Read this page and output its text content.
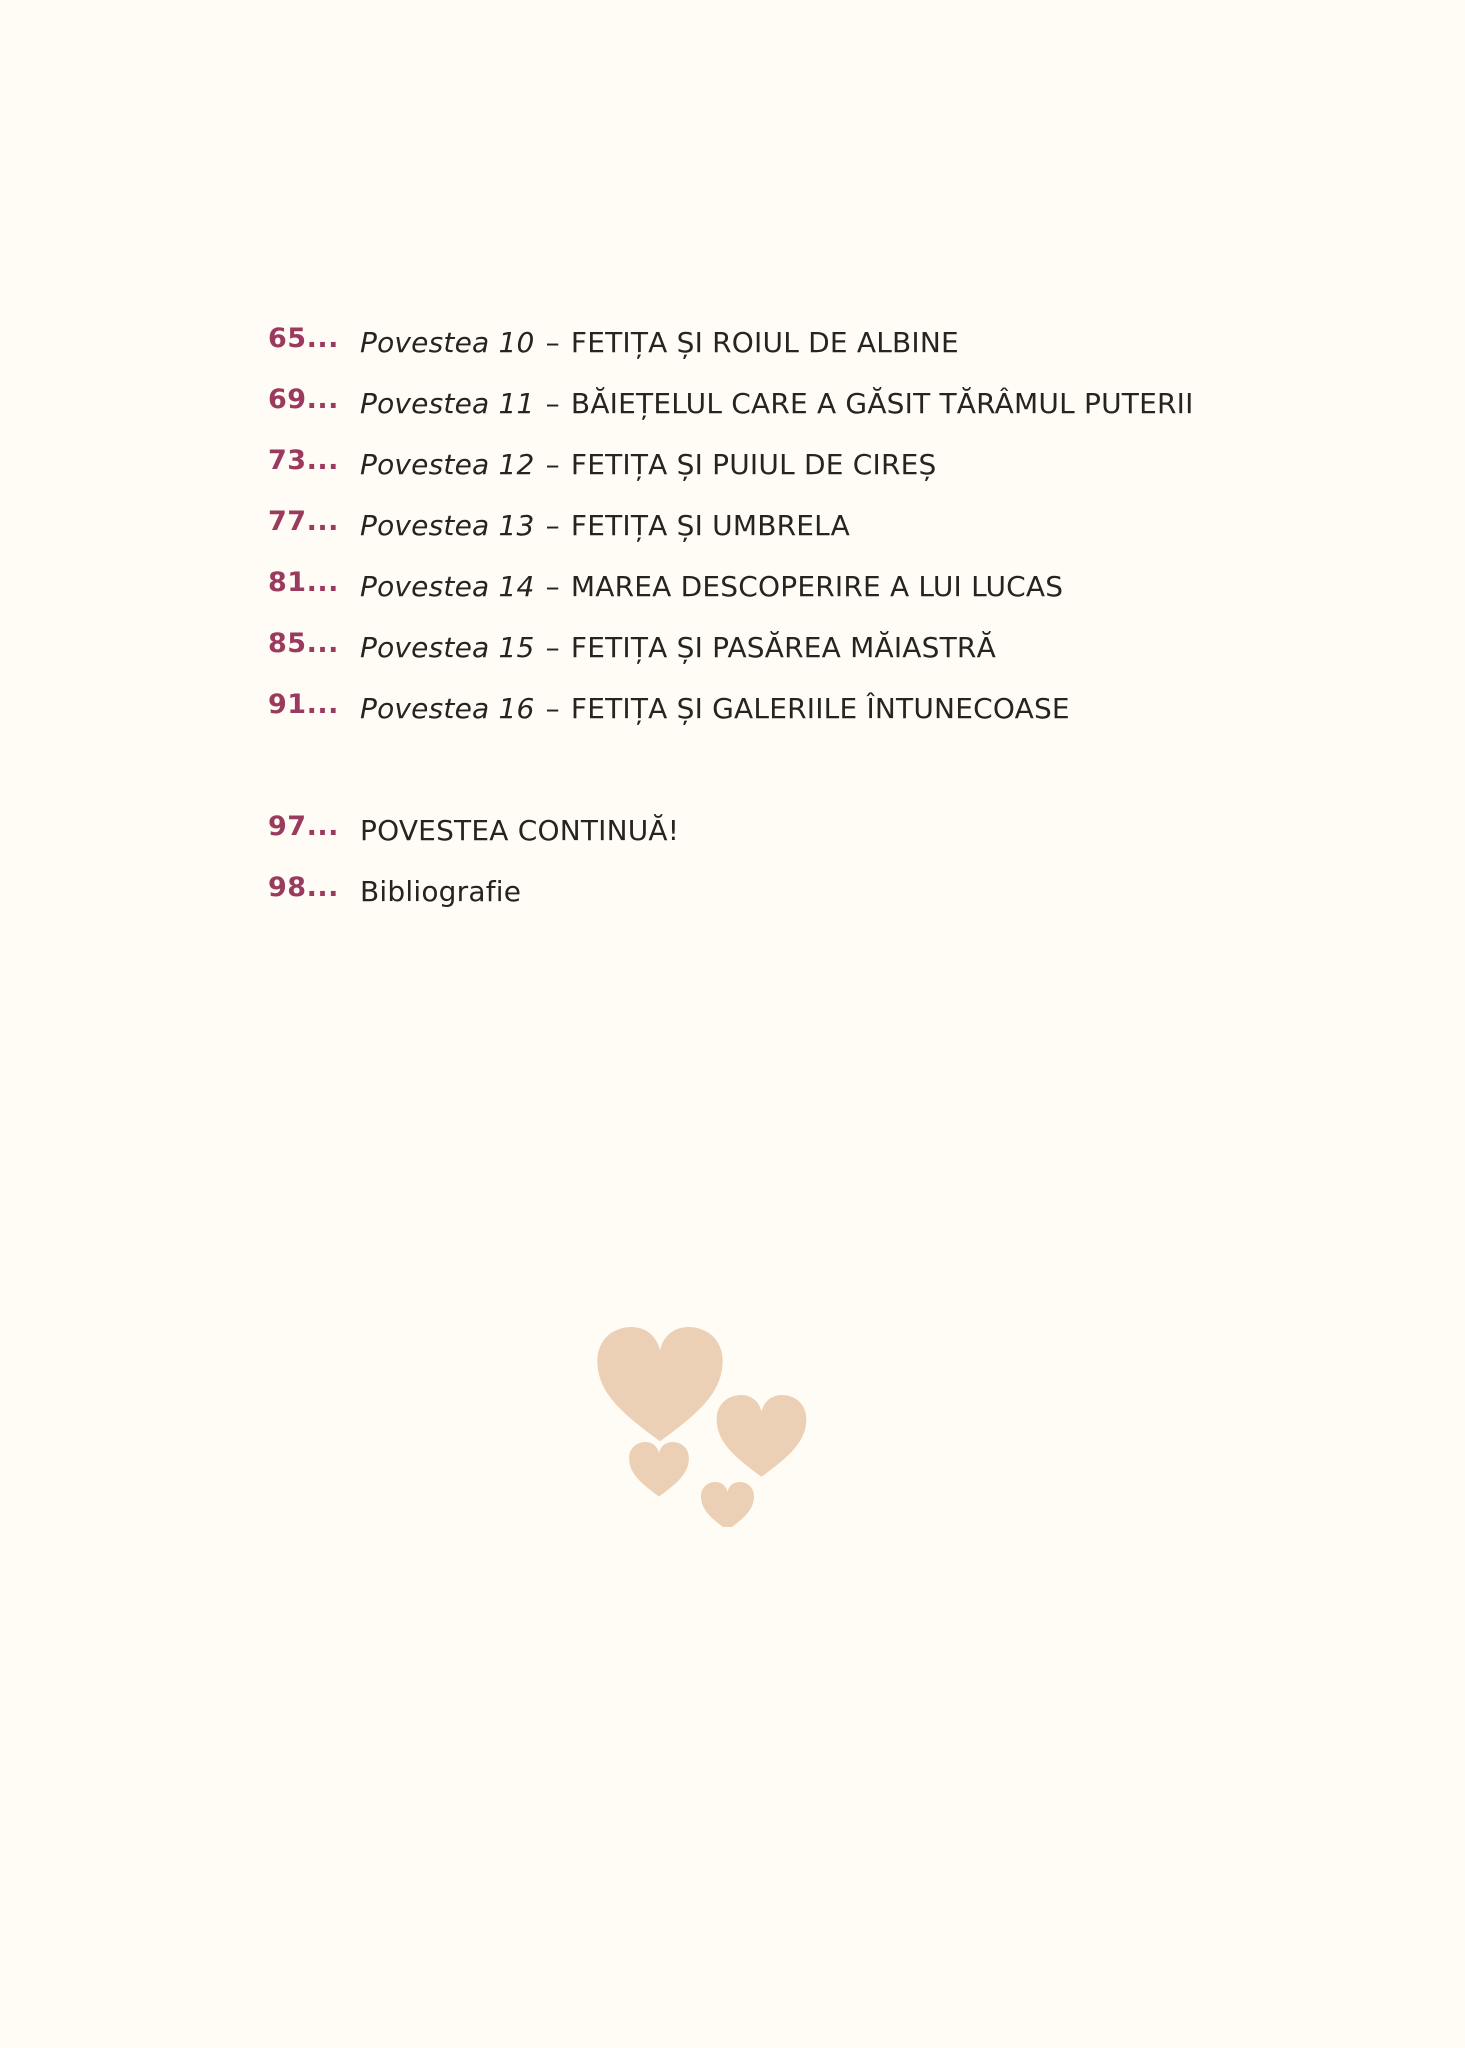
65... Povestea 10 – FETIȚA ȘI ROIUL DE ALBINE
69... Povestea 11 – BĂIEȚELUL CARE A GĂSIT TĂRÂMUL PUTERII
73... Povestea 12 – FETIȚA ȘI PUIUL DE CIREȘ
77... Povestea 13 – FETIȚA ȘI UMBRELA
81... Povestea 14 – MAREA DESCOPERIRE A LUI LUCAS
85... Povestea 15 – FETIȚA ȘI PASĂREA MĂIASTRĂ
91... Povestea 16 – FETIȚA ȘI GALERIILE ÎNTUNECOASE
97... POVESTEA CONTINUĂ!
98... Bibliografie
